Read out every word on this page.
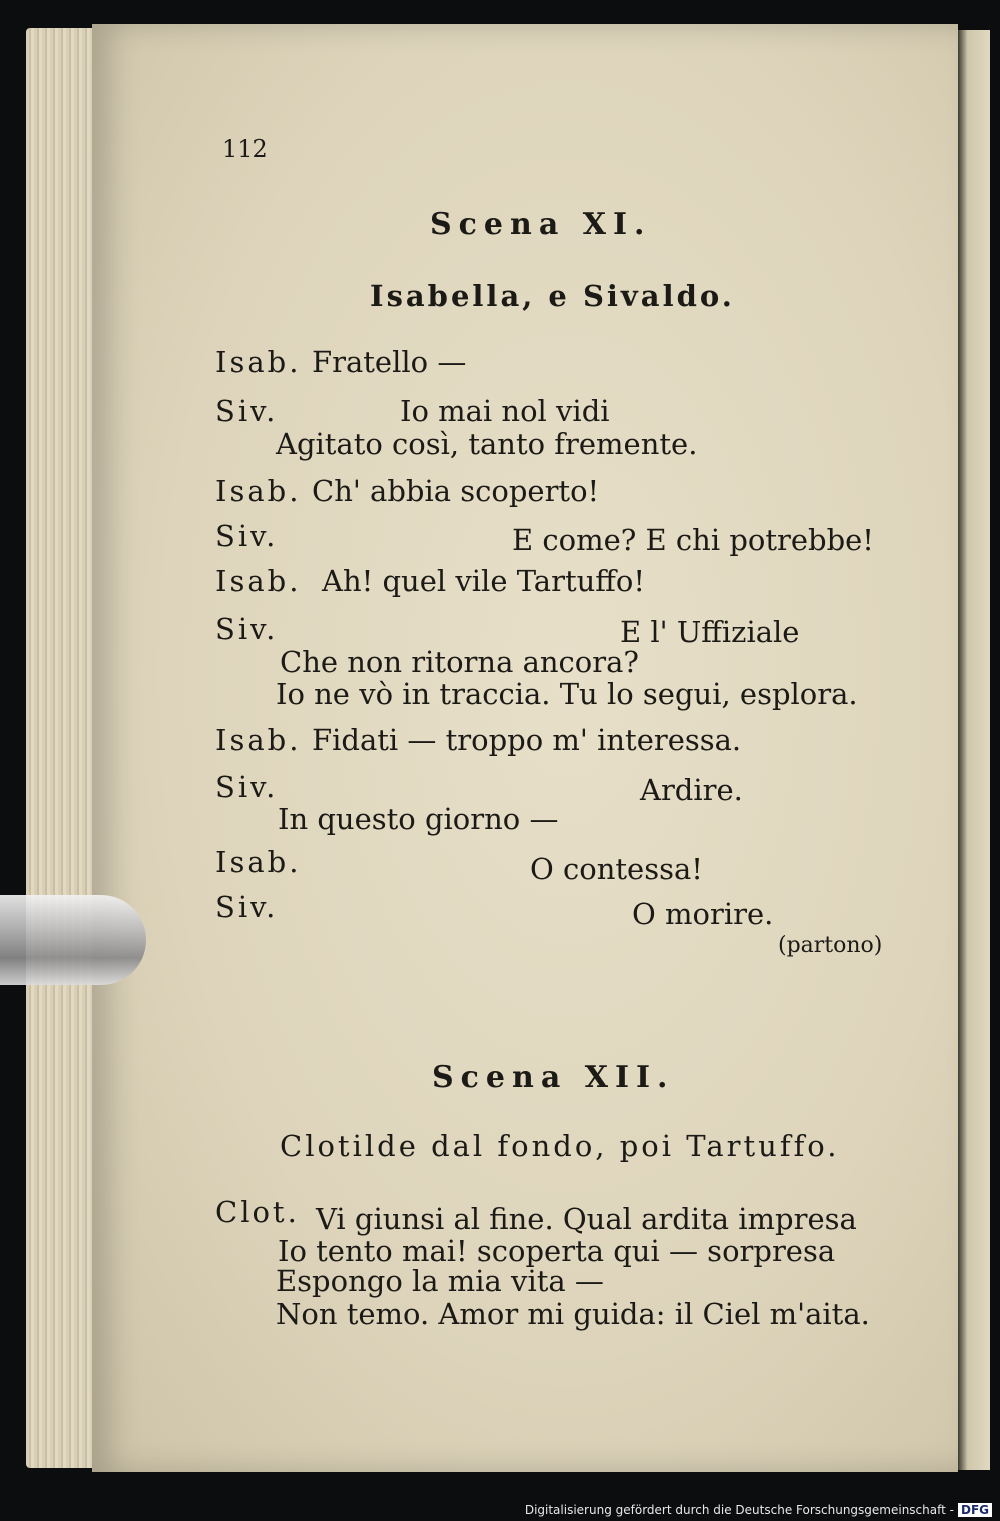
112
Scena XI.
Isabella, e Sivaldo.
Isab. Fratello —
Siv.	Io mai nol vidi
Agitato così, tanto fremente.
Isab. Ch' abbia scoperto!
Siv.	E come? E chi potrebbe!
Isab. Ah! quel vile Tartuffo!
Siv.	E l' Uffiziale
Che non ritorna ancora?
Io ne vò in traccia. Tu lo segui, esplora.
Isab. Fidati — troppo m' interessa.
Siv.	Ardire.
In questo giorno —
Isab.	O contessa!
Siv.	O morire.
(partono)
Scena XII.
Clotilde dal fondo, poi Tartuffo.
Clot. Vi giunsi al fine. Qual ardita impresa
Io tento mai! scoperta qui — sorpresa
Espongo la mia vita —
Non temo. Amor mi guida: il Ciel m'aita.
Digitalisierung gefördert durch die Deutsche Forschungsgemeinschaft - DFG
